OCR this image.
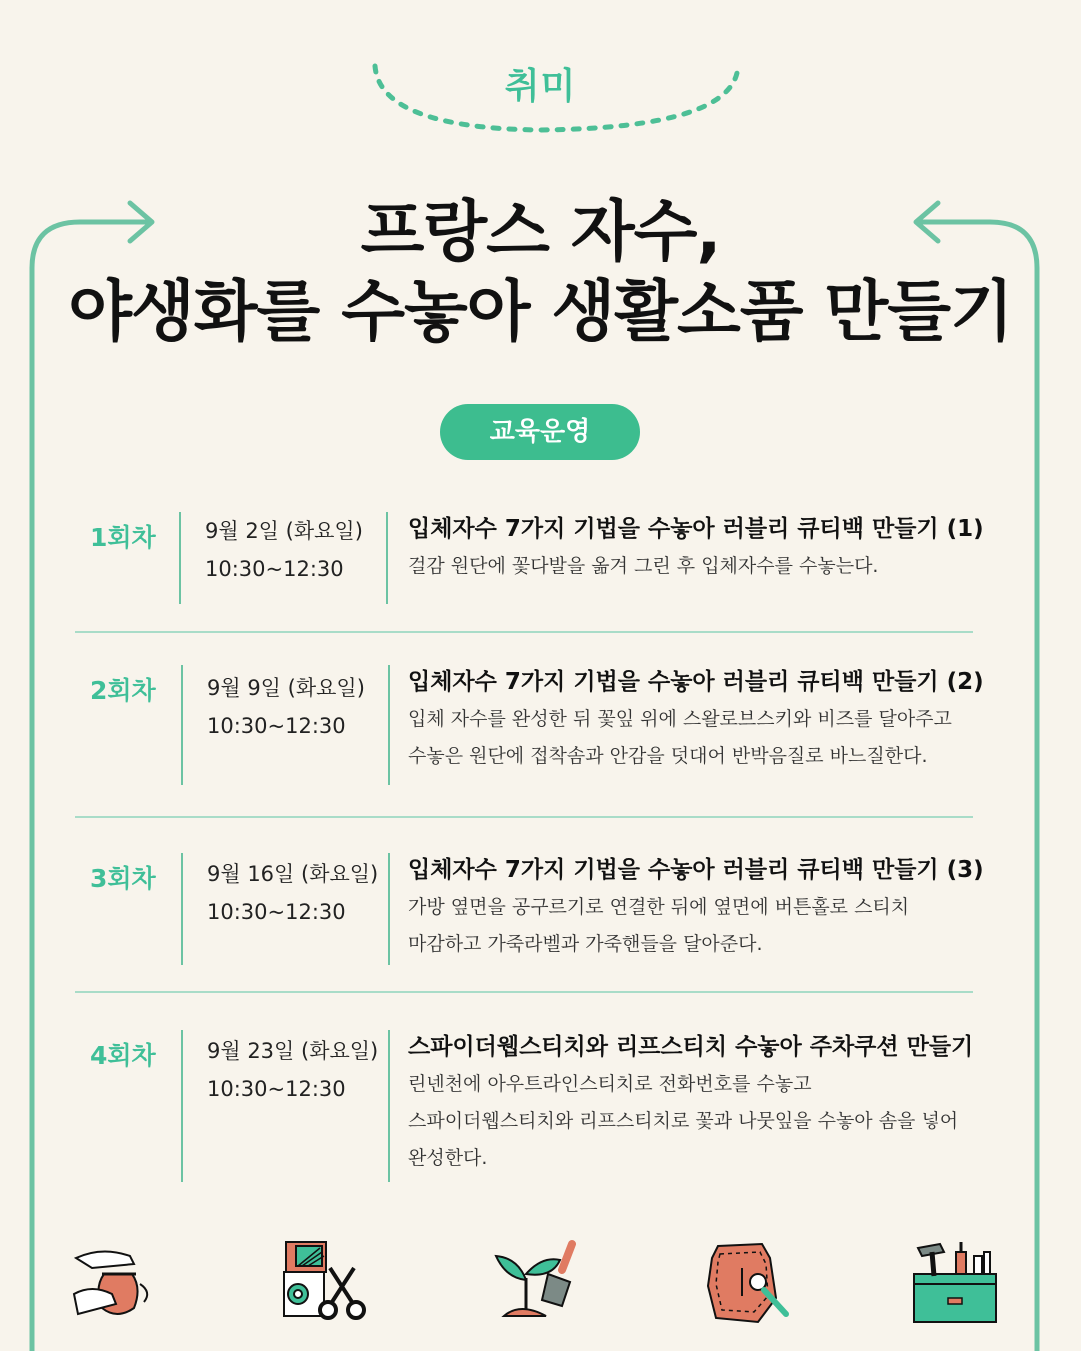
취미
프랑스 자수,
야생화를 수놓아 생활소품 만들기
교육운영
1회차 9월 2일 (화요일)
10:30~12:30
입체자수 7가지 기법을 수놓아 러블리 큐티백 만들기 (1)
걸감 원단에 꽃다발을 옮겨 그린 후 입체자수를 수놓는다.
2회차 9월 9일 (화요일)
10:30~12:30
입체자수 7가지 기법을 수놓아 러블리 큐티백 만들기 (2)
입체 자수를 완성한 뒤 꽃잎 위에 스왈로브스키와 비즈를 달아주고
수놓은 원단에 접착솜과 안감을 덧대어 반박음질로 바느질한다.
3회차 9월 16일 (화요일)
10:30~12:30
입체자수 7가지 기법을 수놓아 러블리 큐티백 만들기 (3)
가방 옆면을 공구르기로 연결한 뒤에 옆면에 버튼홀로 스티치
마감하고 가죽라벨과 가죽핸들을 달아준다.
4회차 9월 23일 (화요일)
10:30~12:30
스파이더웹스티치와 리프스티치 수놓아 주차쿠션 만들기
린넨천에 아우트라인스티치로 전화번호를 수놓고
스파이더웹스티치와 리프스티치로 꽃과 나뭇잎을 수놓아 솜을 넣어
완성한다.
